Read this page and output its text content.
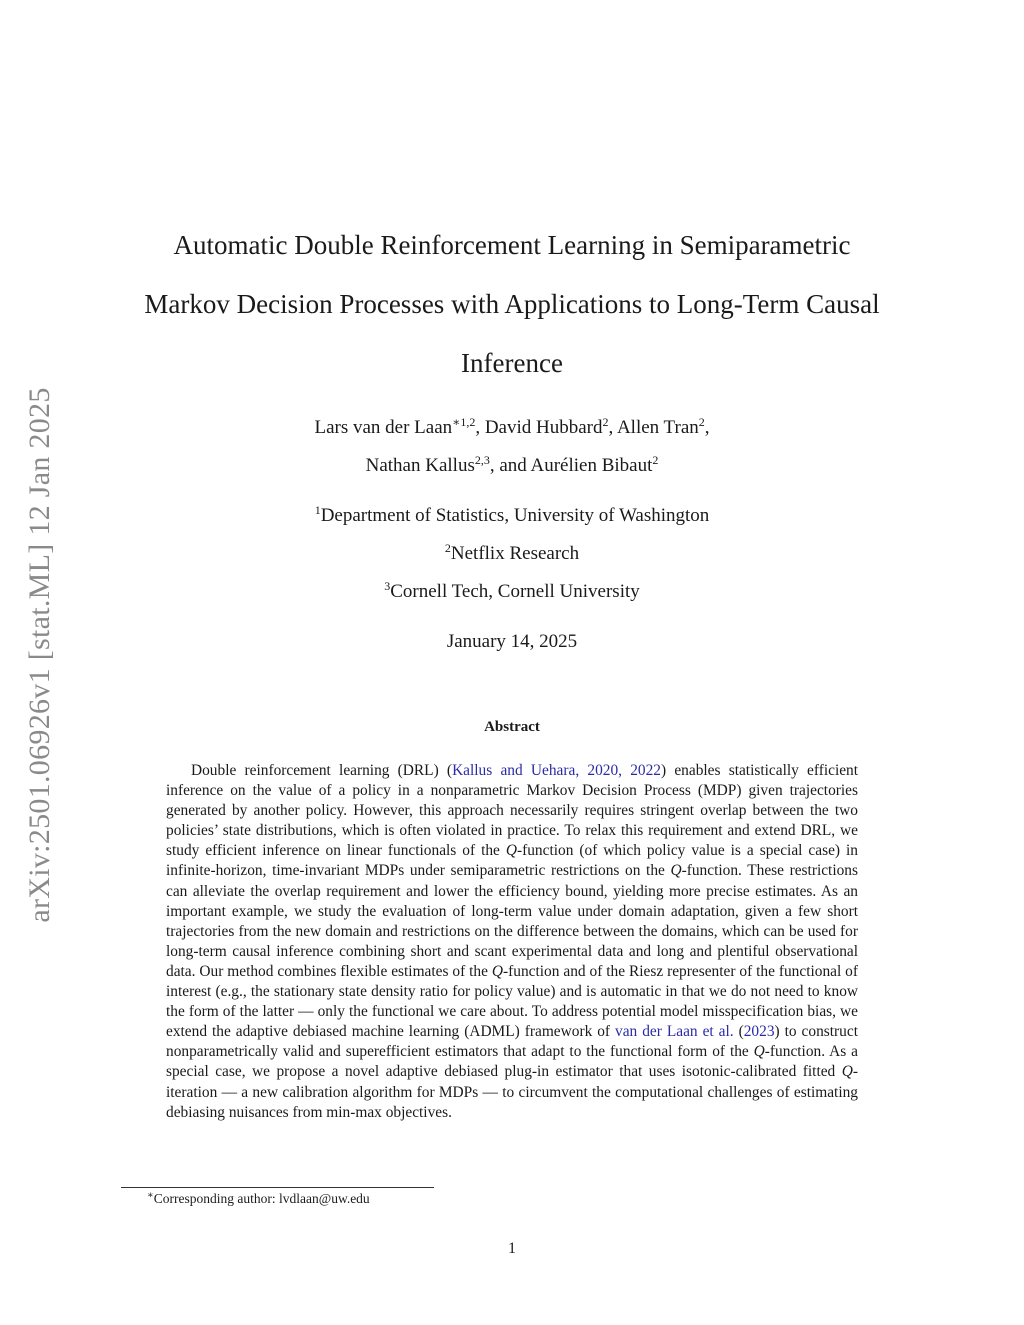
arXiv:2501.06926v1 [stat.ML] 12 Jan 2025
Automatic Double Reinforcement Learning in Semiparametric
Markov Decision Processes with Applications to Long-Term Causal
Inference
Lars van der Laan$^{∗1,2}$, David Hubbard$^2$, Allen Tran$^2$,
Nathan Kallus$^{2,3}$, and Aurélien Bibaut$^2$
$^1$Department of Statistics, University of Washington
$^2$Netflix Research
$^3$Cornell Tech, Cornell University
January 14, 2025
Abstract

Double reinforcement learning (DRL) (Kallus and Uehara, 2020, 2022) enables statistically efficient inference on the value of a policy in a nonparametric Markov Decision Process (MDP) given trajectories generated by another policy. However, this approach necessarily requires stringent overlap between the two policies’ state distributions, which is often violated in practice. To relax this requirement and extend DRL, we study efficient inference on linear functionals of the Q-function (of which policy value is a special case) in infinite-horizon, time-invariant MDPs under semiparametric restrictions on the Q-function. These restrictions can alleviate the overlap requirement and lower the efficiency bound, yielding more precise estimates. As an important example, we study the evaluation of long-term value under domain adaptation, given a few short trajectories from the new domain and restrictions on the difference between the domains, which can be used for long-term causal inference combining short and scant experimental data and long and plentiful observational data. Our method combines flexible estimates of the Q-function and of the Riesz representer of the functional of interest (e.g., the stationary state density ratio for policy value) and is automatic in that we do not need to know the form of the latter — only the functional we care about. To address potential model misspecification bias, we extend the adaptive debiased machine learning (ADML) framework of van der Laan et al. (2023) to construct nonparametrically valid and superefficient estimators that adapt to the functional form of the Q-function. As a special case, we propose a novel adaptive debiased plug-in estimator that uses isotonic-calibrated fitted Q-iteration — a new calibration algorithm for MDPs — to circumvent the computational challenges of estimating debiasing nuisances from min-max objectives.

∗Corresponding author: lvdlaan@uw.edu
1
